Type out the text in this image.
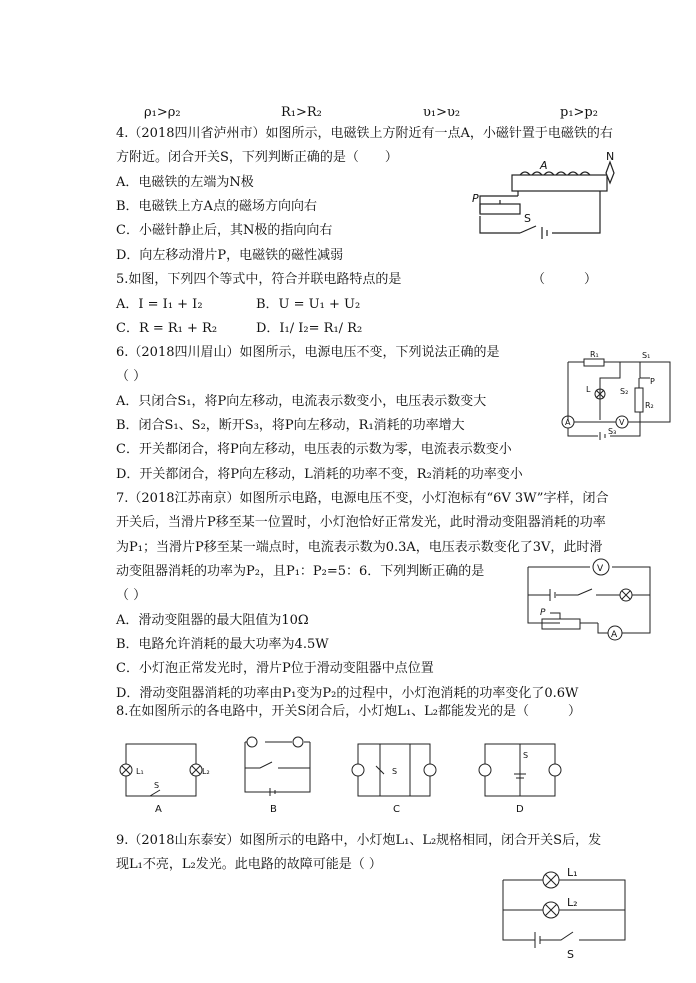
ρ₁>ρ₂	R₁>R₂	υ₁>υ₂	p₁>p₂
4.（2018四川省泸州市）如图所示，电磁铁上方附近有一点A，小磁针置于电磁铁的右
方附近。闭合开关S，下列判断正确的是（　　）
A．电磁铁的左端为N极
B．电磁铁上方A点的磁场方向向右
C．小磁针静止后，其N极的指向向右
D．向左移动滑片P，电磁铁的磁性减弱
A
N
P
S
5.如图，下列四个等式中，符合并联电路特点的是	（　　　）
A．I = I₁ + I₂	B．U = U₁ + U₂
C．R = R₁ + R₂	D．I₁/ I₂= R₁/ R₂
6.（2018四川眉山）如图所示，电源电压不变，下列说法正确的是
（ ）
A．只闭合S₁，将P向左移动，电流表示数变小，电压表示数变大
B．闭合S₁、S₂，断开S₃，将P向左移动，R₁消耗的功率增大
C．开关都闭合，将P向左移动，电压表的示数为零，电流表示数变小
D．开关都闭合，将P向左移动，L消耗的功率不变，R₂消耗的功率变小
R₁
R₂
S₁
S₂
S₃
L
P
A	V
7.（2018江苏南京）如图所示电路，电源电压不变，小灯泡标有“6V 3W”字样，闭合
开关后，当滑片P移至某一位置时，小灯泡恰好正常发光，此时滑动变阻器消耗的功率
为P₁；当滑片P移至某一端点时，电流表示数为0.3A，电压表示数变化了3V，此时滑
动变阻器消耗的功率为P₂，且P₁：P₂=5：6．下列判断正确的是
（ ）
A．滑动变阻器的最大阻值为10Ω
B．电路允许消耗的最大功率为4.5W
C．小灯泡正常发光时，滑片P位于滑动变阻器中点位置
D．滑动变阻器消耗的功率由P₁变为P₂的过程中，小灯泡消耗的功率变化了0.6W
V
A
P
8.在如图所示的各电路中，开关S闭合后，小灯炮L₁、L₂都能发光的是（　　　）
A	B	C	D
L₁	L₂
S
S
S
9.（2018山东泰安）如图所示的电路中，小灯炮L₁、L₂规格相同，闭合开关S后，发
现L₁不亮，L₂发光。此电路的故障可能是（ ）
L₁
L₂
S
